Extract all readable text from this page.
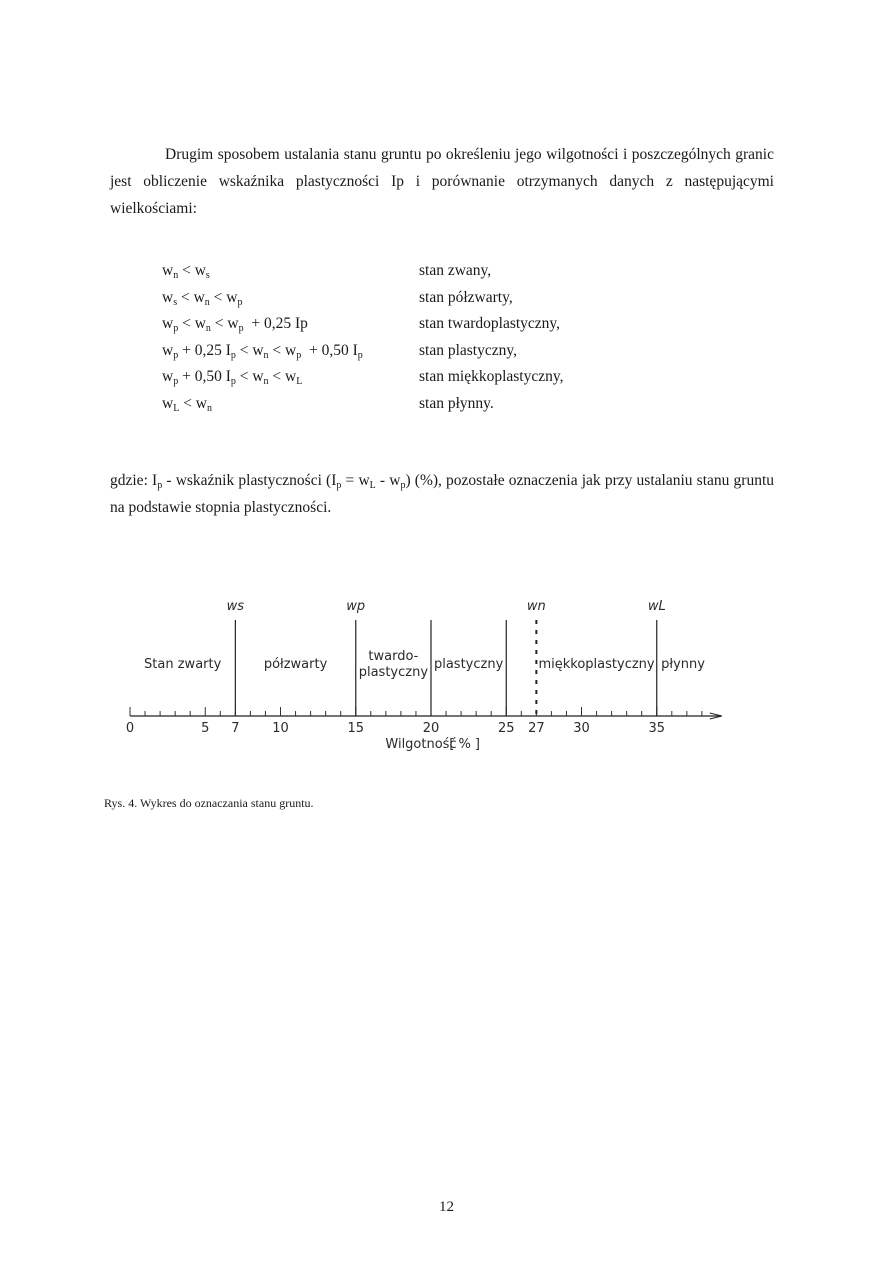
Drugim sposobem ustalania stanu gruntu po określeniu jego wilgotności i poszczególnych granic jest obliczenie wskaźnika plastyczności Ip i porównanie otrzymanych danych z następującymi wielkościami:
$w_n < w_s$	stan zwany,
$w_s < w_n < w_p$	stan półzwarty,
$w_p < w_n < w_p + 0,25$ Ip	stan twardoplastyczny,
$w_p + 0,25$ $I_p < w_n < w_p + 0,50$ $I_p$	stan plastyczny,
$w_p + 0,50$ $I_p < w_n < w_L$	stan miękkoplastyczny,
$w_L < w_n$	stan płynny.
gdzie: $I_p$ - wskaźnik plastyczności $(I_p = w_L - w_p)$ (%), pozostałe oznaczenia jak przy ustalaniu stanu gruntu na podstawie stopnia plastyczności.
0	5 7	10	15	20	25 27 30	35
ws	wp	wn	wL
Stan zwarty	półzwarty
twardo-
plastyczny
plastyczny	miękkoplastyczny płynny
Wilgotność
[ % ]
Rys. 4. Wykres do oznaczania stanu gruntu.
12
